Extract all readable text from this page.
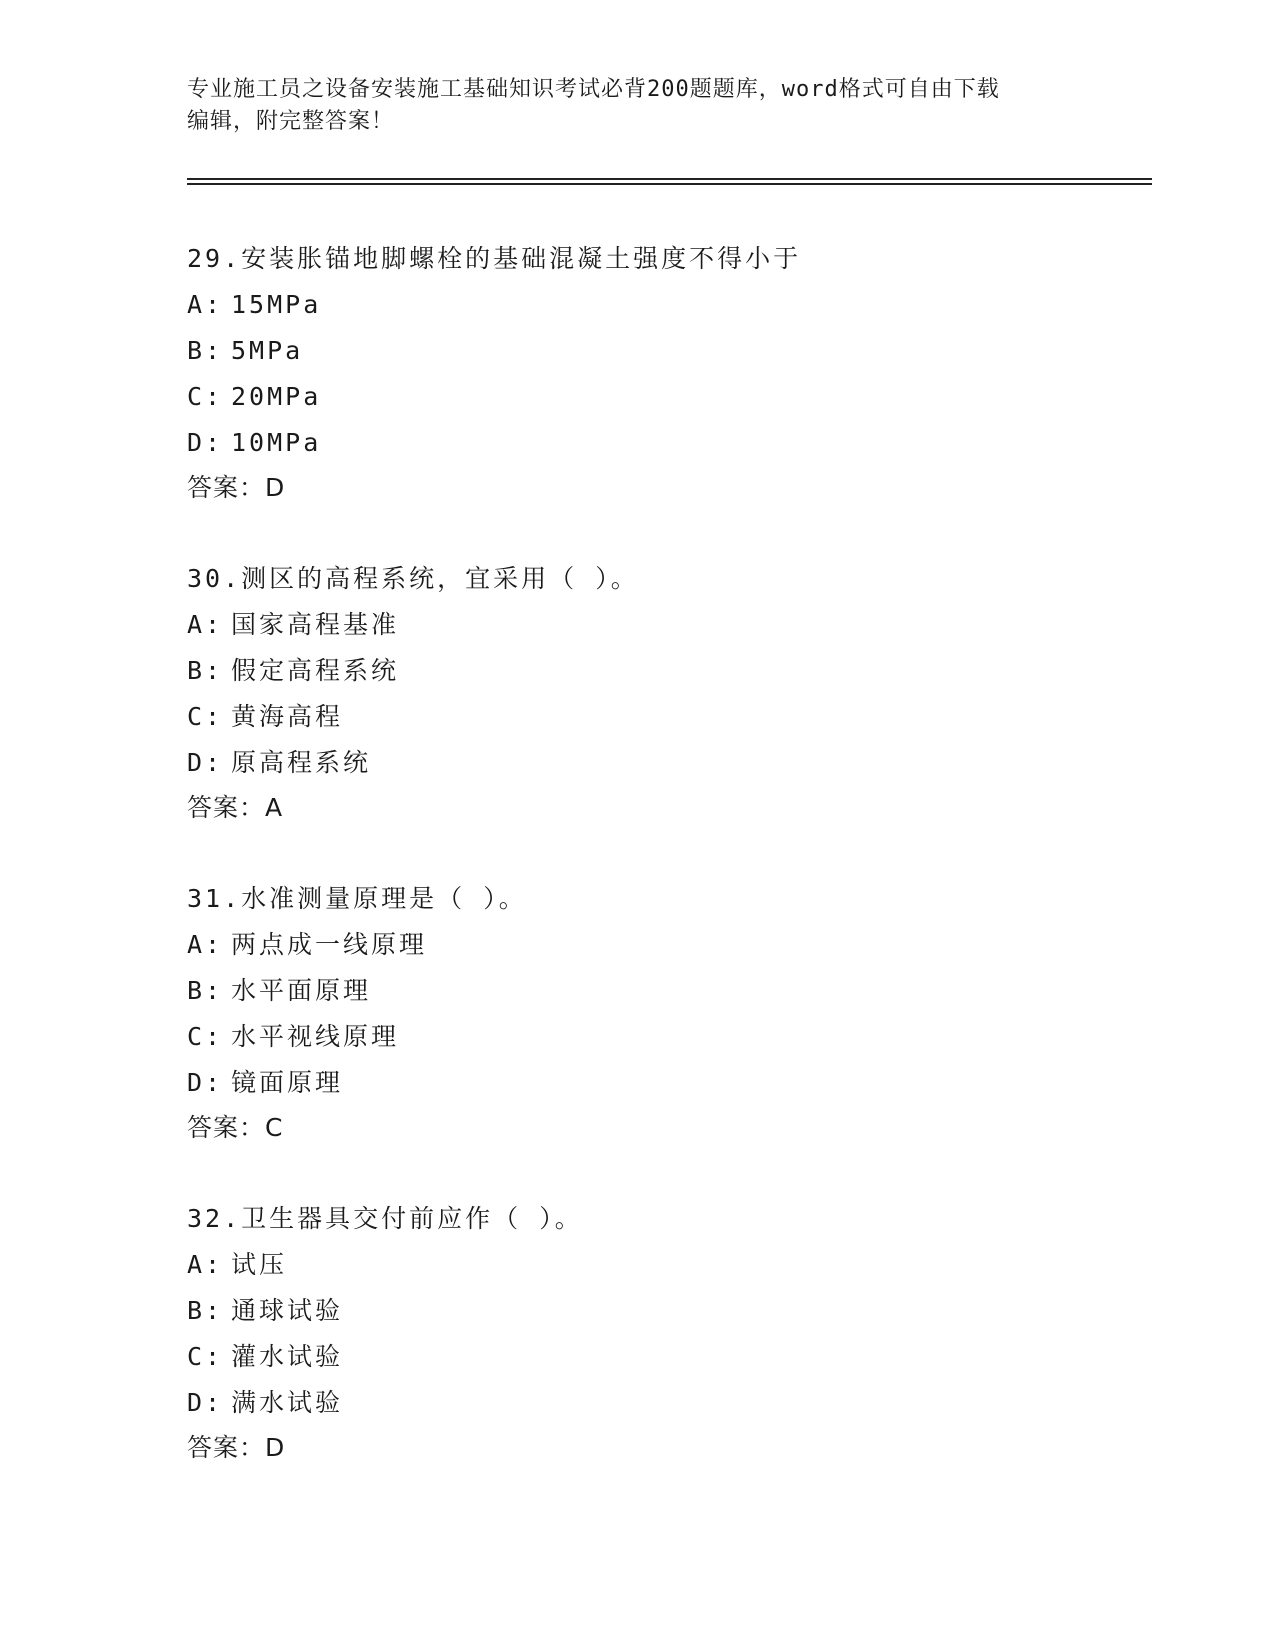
专业施工员之设备安装施工基础知识考试必背200题题库，word格式可自由下载
编辑，附完整答案！
29.安装胀锚地脚螺栓的基础混凝土强度不得小于
A: 15MPa
B: 5MPa
C: 20MPa
D: 10MPa
答案：D
30.测区的高程系统，宜采用（ ）。
A: 国家高程基准
B: 假定高程系统
C: 黄海高程
D: 原高程系统
答案：A
31.水准测量原理是（ ）。
A: 两点成一线原理
B: 水平面原理
C: 水平视线原理
D: 镜面原理
答案：C
32.卫生器具交付前应作（ ）。
A: 试压
B: 通球试验
C: 灌水试验
D: 满水试验
答案：D
